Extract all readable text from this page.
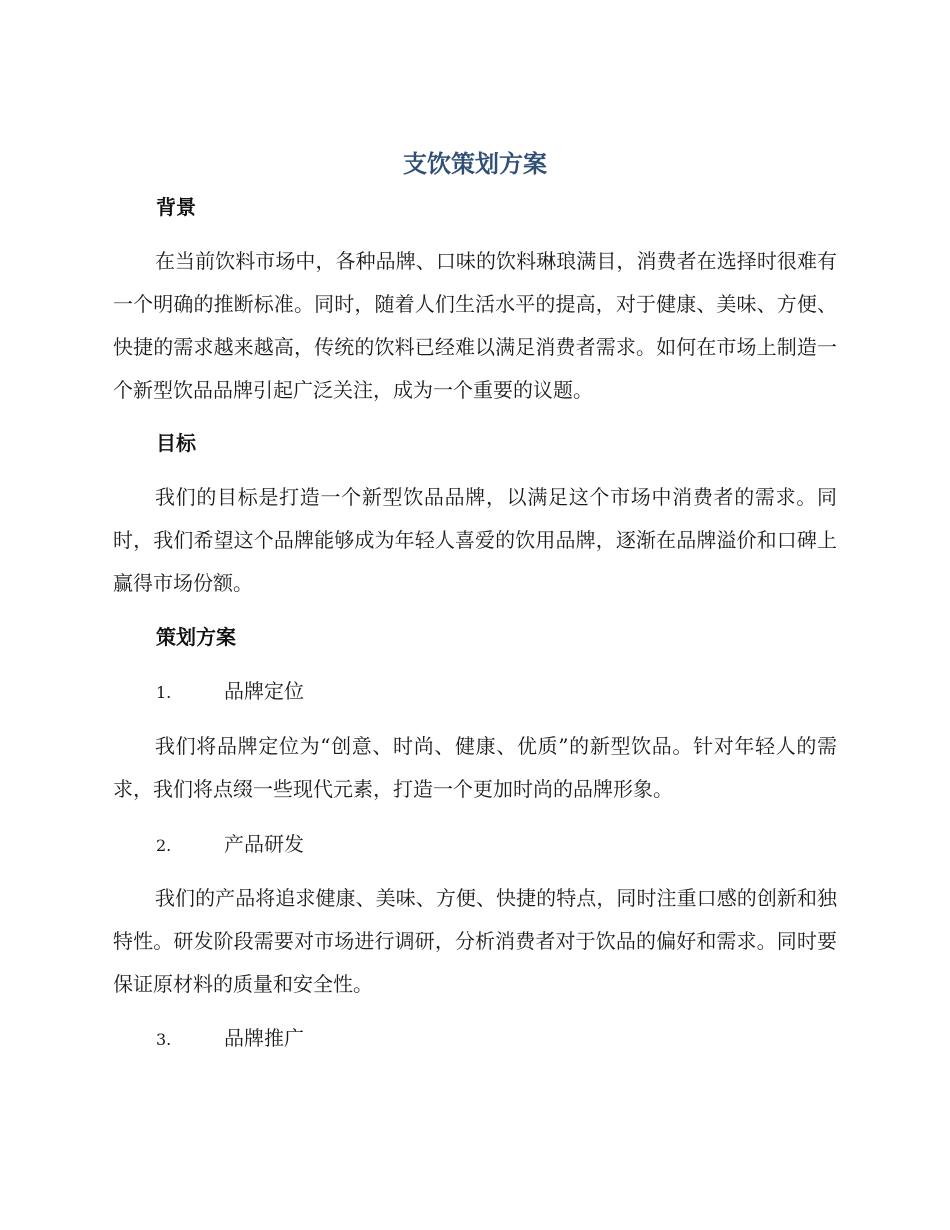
支饮策划方案
背景
在当前饮料市场中，各种品牌、口味的饮料琳琅满目，消费者在选择时很难有一个明确的推断标准。同时，随着人们生活水平的提高，对于健康、美味、方便、快捷的需求越来越高，传统的饮料已经难以满足消费者需求。如何在市场上制造一个新型饮品品牌引起广泛关注，成为一个重要的议题。
目标
我们的目标是打造一个新型饮品品牌，以满足这个市场中消费者的需求。同时，我们希望这个品牌能够成为年轻人喜爱的饮用品牌，逐渐在品牌溢价和口碑上赢得市场份额。
策划方案
1.	品牌定位
我们将品牌定位为“创意、时尚、健康、优质”的新型饮品。针对年轻人的需求，我们将点缀一些现代元素，打造一个更加时尚的品牌形象。
2.	产品研发
我们的产品将追求健康、美味、方便、快捷的特点，同时注重口感的创新和独特性。研发阶段需要对市场进行调研，分析消费者对于饮品的偏好和需求。同时要保证原材料的质量和安全性。
3.	品牌推广
